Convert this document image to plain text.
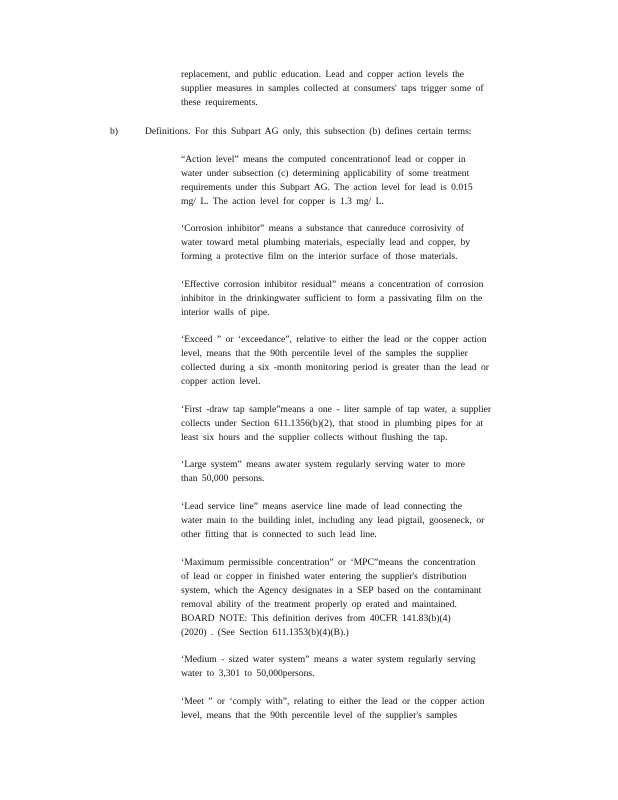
replacement, and public education. Lead and copper action levels the
supplier measures in samples collected at consumers' taps trigger some of
these requirements.
b)	Definitions. For this Subpart AG only, this subsection (b) defines certain terms:
“Action level” means the computed concentrationof lead or copper in
water under subsection (c) determining applicability of some treatment
requirements under this Subpart AG. The action level for lead is 0.015
mg/ L. The action level for copper is 1.3 mg/ L.
‘Corrosion inhibitor” means a substance that canreduce corrosivity of
water toward metal plumbing materials, especially lead and copper, by
forming a protective film on the interior surface of those materials.
‘Effective corrosion inhibitor residual” means a concentration of corrosion
inhibitor in the drinkingwater sufficient to form a passivating film on the
interior walls of pipe.
‘Exceed ” or ‘exceedance”, relative to either the lead or the copper action
level, means that the 90th percentile level of the samples the supplier
collected during a six -month monitoring period is greater than the lead or
copper action level.
‘First -draw tap sample”means a one - liter sample of tap water, a supplier
collects under Section 611.1356(b)(2), that stood in plumbing pipes for at
least six hours and the supplier collects without flushing the tap.
‘Large system” means awater system regularly serving water to more
than 50,000 persons.
‘Lead service line” means aservice line made of lead connecting the
water main to the building inlet, including any lead pigtail, gooseneck, or
other fitting that is connected to such lead line.
‘Maximum permissible concentration” or ‘MPC”means the concentration
of lead or copper in finished water entering the supplier's distribution
system, which the Agency designates in a SEP based on the contaminant
removal ability of the treatment properly op erated and maintained.
BOARD NOTE: This definition derives from 40CFR 141.83(b)(4)
(2020) . (See Section 611.1353(b)(4)(B).)
‘Medium - sized water system” means a water system regularly serving
water to 3,301 to 50,000persons.
‘Meet ” or ‘comply with”, relating to either the lead or the copper action
level, means that the 90th percentile level of the supplier's samples
